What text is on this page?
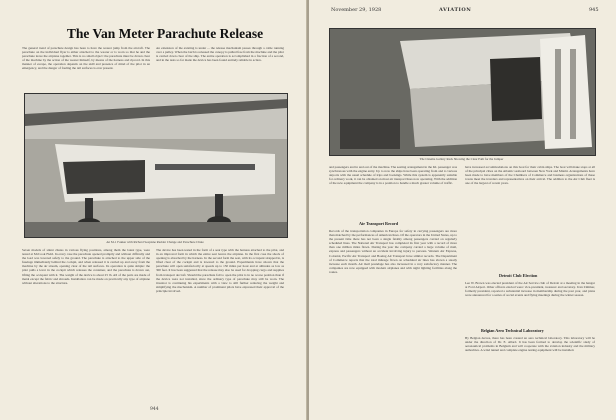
The Van Meter Parachute Release
The general trend of parachute design has been to have the wearer jump from the aircraft. The parachute on the individual flyer is either attached to the wearer or is worn so that he and the parachute leave the airplane together. This is no small object: the parachute must be drawn clear of the machine by the action of the wearer himself, by means of the harness and ripcord. In this manner of escape, the operation depends on the skill and presence of mind of the pilot in an emergency, and the danger of fouling the tail surfaces is ever present.
An extension of the existing is under ... the release mechanism passes through a cable running over a pulley. When the latch is released the canopy is pulled free from the machine and the pilot is carried down clear of the ship. The entire operation is accomplished in a fraction of a second, and in the tests so far made the device has been found entirely reliable in action.
An M-1 Fokker with Richard Seaplane Rudder Change and Parachute Chute
Seven models of silent chutes in various flying positions, among them the latest type, were tested at McCook Field. In every case the parachute opened promptly and without difficulty and the load was lowered safely to the ground. The parachute is attached to the upper side of the fuselage immediately behind the cockpit, and when released it is carried up and away from the machine by the air stream, opening clear of the tail surfaces. Its operation is quite simple: the pilot pulls a lever in the cockpit which releases the container, and the parachute is drawn out, lifting the occupant with it. The weight of the device is about 25 lb. All of the parts are made of metal except the fabric and shrouds. Installation can be made on practically any type of airplane without alterations to the structure.
The device has been tested in the form of a seat type with the harness attached to the pilot, and in an improved form in which the entire seat leaves the airplane. In the first case the shock of opening is absorbed by the harness. In the second form the seat, with its occupant strapped in, is lifted clear of the cockpit and is lowered to the ground. Experiments have shown that the parachute will open satisfactorily at speeds up to 150 miles per hour and at altitudes as low as 300 feet. It has been suggested that the release may also be used for dropping cargo and supplies from transport aircraft. Should the parachute fail to open the pilot is in no worse position than if the device were not installed, since the ordinary type of parachute may still be worn. The inventor is continuing his experiments with a view to still further reducing the weight and simplifying the mechanism. A number of prominent pilots have expressed their approval of the principle involved.
944
November 29, 1928	AVIATION	945
The Cinema Gallery Rack Showing the Clear Path for the Jumper
and passengers and in and out of the machine. The seating arrangement in the KL passenger was synchronous with the engine entry. Up to now the ships have been operating from and to various airports with the usual schedule of trips and bookings. While this system is apparently suitable for ordinary work, it can be obtained on most air transport lines now operating. With the addition of the new equipment the company is in a position to handle a much greater volume of traffic.
have increased accommodations on this boat for their cabin ships. The boat will make stops at all of the principal cities on the Atlantic seaboard between New York and Miami. Arrangements have been made to have members of the Chambers of Commerce and business organizations of these towns meet the travelers and representatives on their arrival. The addition to the Air Club fleet is one of the largest of recent years.
Air Transport Record
Records of the transportation companies in Europe for safety in carrying passengers are more than matched by the performances of American lines. Of the operators in the United States, up to the present time there has not been a single fatality among passengers carried on regularly scheduled lines. The National Air Transport has completed its first year with a record of more than one million miles flown. During the year the company carried a large volume of mail, express and passengers without an accident involving injury to persons. Western Air Express, Colonial, Pacific Air Transport and Boeing Air Transport have similar records. The Department of Commerce reports that the total mileage flown on scheduled air lines has shown a steady increase each month. Air mail poundage has also increased in a very satisfactory manner. The companies are now equipped with modern airplanes and with night lighting facilities along the routes.
Detroit Club Election
Lee W. Brown was elected president of the Air Service club of Detroit at a meeting in the hangar at Ford Airport. Other officers elected were: vice-president, treasurer and secretary. Ivan Zimmer, formerly president, reported a substantial increase in membership during the past year, and plans were announced for a series of social events and flying meetings during the winter season.
Belgian Aero Technical Laboratory
By Belgian decree, there has been created an aero technical laboratory. This laboratory will be under the direction of Dr. E. Allard. It has been formed to develop the scientific study of aeronautical problems in Belgium and will cooperate with the aviation industry and the military authorities. A wind tunnel and complete engine testing equipment will be installed.
